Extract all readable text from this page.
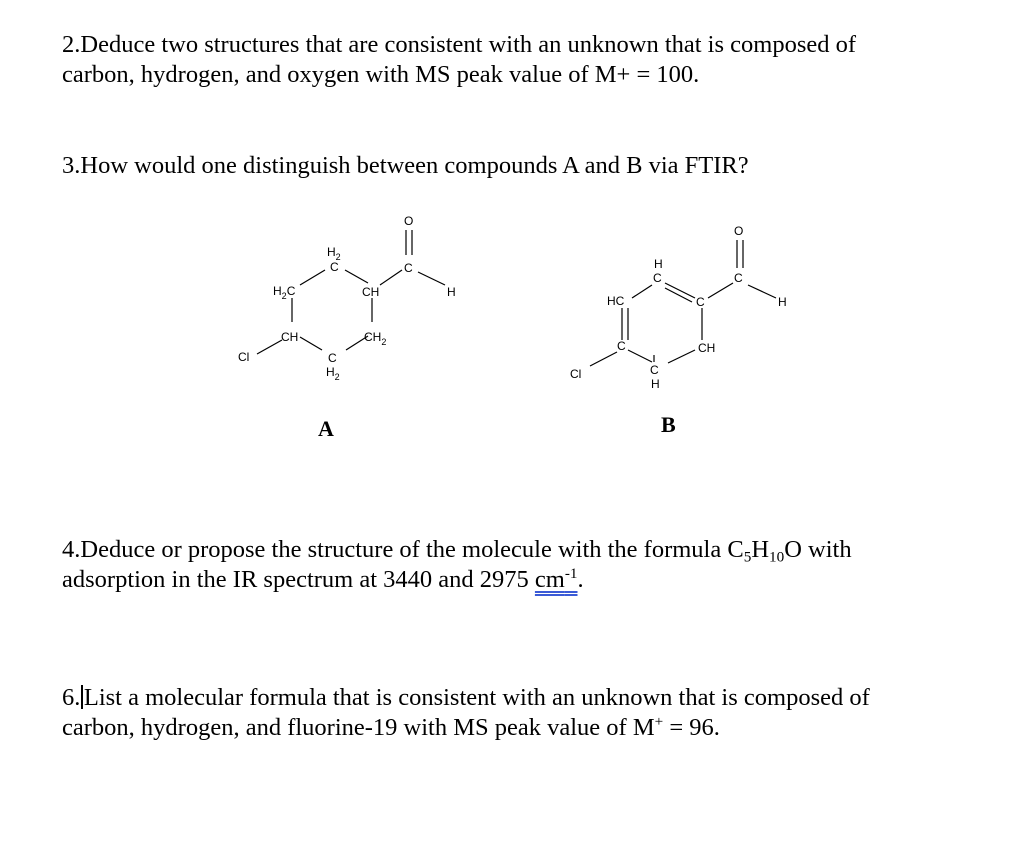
2.Deduce two structures that are consistent with an unknown that is composed of
carbon, hydrogen, and oxygen with MS peak value of M+ = 100.

3.How would one distinguish between compounds A and B via FTIR?

$H_2C$
$H_2$
C
CH
C
O
H
CH	$CH_2$
C
$H_2$
Cl
C
H
HC	C
C
O
H
C	CH
C
H
Cl
A	B

4.Deduce or propose the structure of the molecule with the formula $C_5H_{10}O$ with
adsorption in the IR spectrum at 3440 and 2975 $cm^{-1}$.

6. List a molecular formula that is consistent with an unknown that is composed of
carbon, hydrogen, and fluorine-19 with MS peak value of M+ = 96.
